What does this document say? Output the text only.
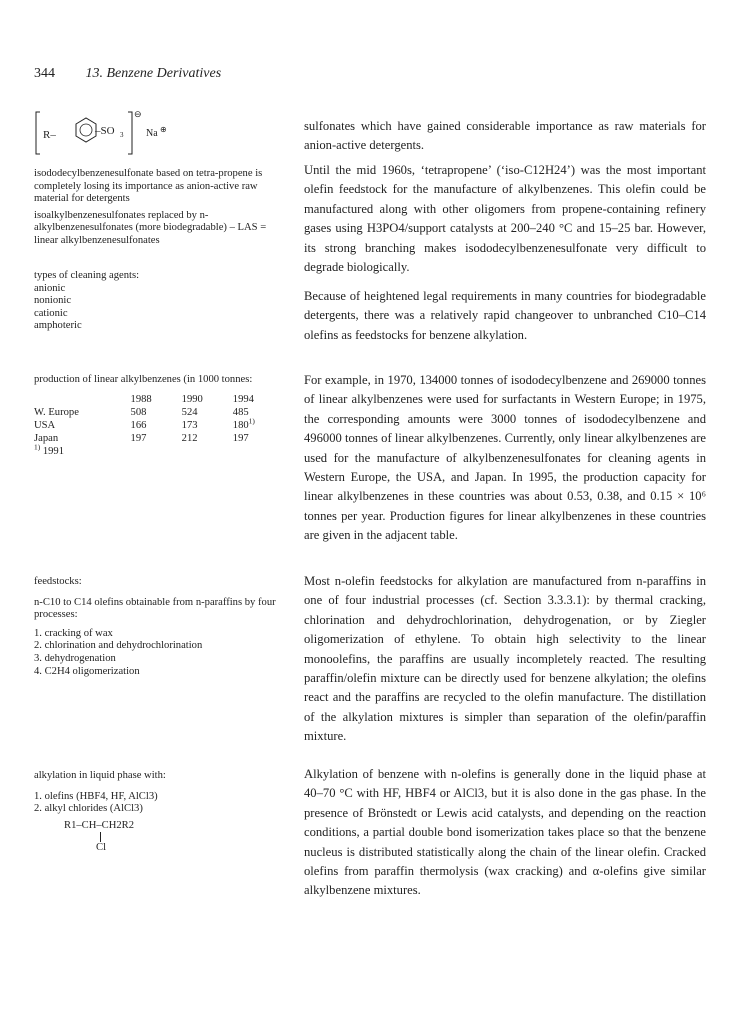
344 13. Benzene Derivatives
R–	–SO 3
⊖
Na ⊕

isododecylbenzenesulfonate based on tetra-propene is completely losing its importance as anion-active raw material for detergents

isoalkylbenzenesulfonates replaced by n-alkylbenzenesulfonates (more biodegradable) – LAS = linear alkylbenzenesulfonates

types of cleaning agents:
anionic
nonionic
cationic
amphoteric
production of linear alkylbenzenes (in 1000 tonnes:
	1988	1990	1994
W. Europe	508	524	485
USA	166	173	180$^{1)}$
Japan	197	212	197
$^{1)}$ 1991			

feedstocks:

n-C10 to C14 olefins obtainable from n-paraffins by four processes:

1. cracking of wax
2. chlorination and dehydrochlorination
3. dehydrogenation
4. C2H4 oligomerization

alkylation in liquid phase with:

1. olefins (HBF4, HF, AlCl3)
2. alkyl chlorides (AlCl3)
R1–CH–CH2R2
Cl

sulfonates which have gained considerable importance as raw materials for anion-active detergents.

Until the mid 1960s, ‘tetrapropene’ (‘iso-C12H24’) was the most important olefin feedstock for the manufacture of alkylbenzenes. This olefin could be manufactured along with other oligomers from propene-containing refinery gases using H3PO4/support catalysts at 200–240 °C and 15–25 bar. However, its strong branching makes isododecylbenzenesulfonate very difficult to degrade biologically.

Because of heightened legal requirements in many countries for biodegradable detergents, there was a relatively rapid changeover to unbranched C10–C14 olefins as feedstocks for benzene alkylation.

For example, in 1970, 134000 tonnes of isododecylbenzene and 269000 tonnes of linear alkylbenzenes were used for surfactants in Western Europe; in 1975, the corresponding amounts were 3000 tonnes of isododecylbenzene and 496000 tonnes of linear alkylbenzenes. Currently, only linear alkylbenzenes are used for the manufacture of alkylbenzenesulfonates for cleaning agents in Western Europe, the USA, and Japan. In 1995, the production capacity for linear alkylbenzenes in these countries was about 0.53, 0.38, and 0.15 × 10⁶ tonnes per year. Production figures for linear alkylbenzenes in these countries are given in the adjacent table.

Most n-olefin feedstocks for alkylation are manufactured from n-paraffins in one of four industrial processes (cf. Section 3.3.3.1): by thermal cracking, chlorination and dehydrochlorination, dehydrogenation, or by Ziegler oligomerization of ethylene. To obtain high selectivity to the linear monoolefins, the paraffins are usually incompletely reacted. The resulting paraffin/olefin mixture can be directly used for benzene alkylation; the olefins react and the paraffins are recycled to the olefin manufacture. The distillation of the alkylation mixtures is simpler than separation of the olefin/paraffin mixture.

Alkylation of benzene with n-olefins is generally done in the liquid phase at 40–70 °C with HF, HBF4 or AlCl3, but it is also done in the gas phase. In the presence of Brönstedt or Lewis acid catalysts, and depending on the reaction conditions, a partial double bond isomerization takes place so that the benzene nucleus is distributed statistically along the chain of the linear olefin. Cracked olefins from paraffin thermolysis (wax cracking) and α-olefins give similar alkylbenzene mixtures.
